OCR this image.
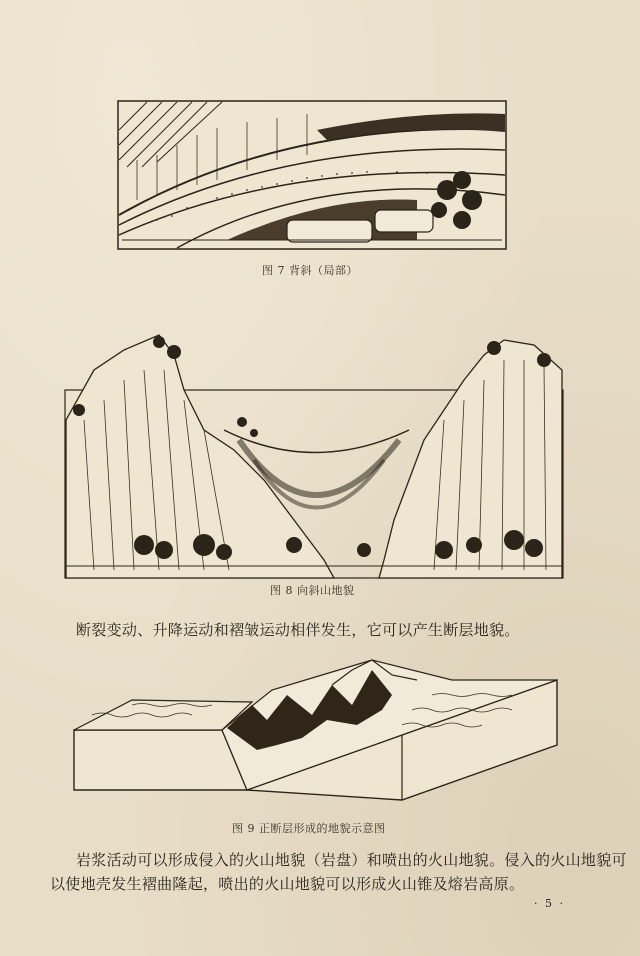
图 7 背斜（局部）
图 8 向斜山地貌
断裂变动、升降运动和褶皱运动相伴发生，它可以产生断层地貌。
图 9 正断层形成的地貌示意图
岩浆活动可以形成侵入的火山地貌（岩盘）和喷出的火山地貌。侵入的火山地貌可
以使地壳发生褶曲隆起，喷出的火山地貌可以形成火山锥及熔岩高原。
· 5 ·
